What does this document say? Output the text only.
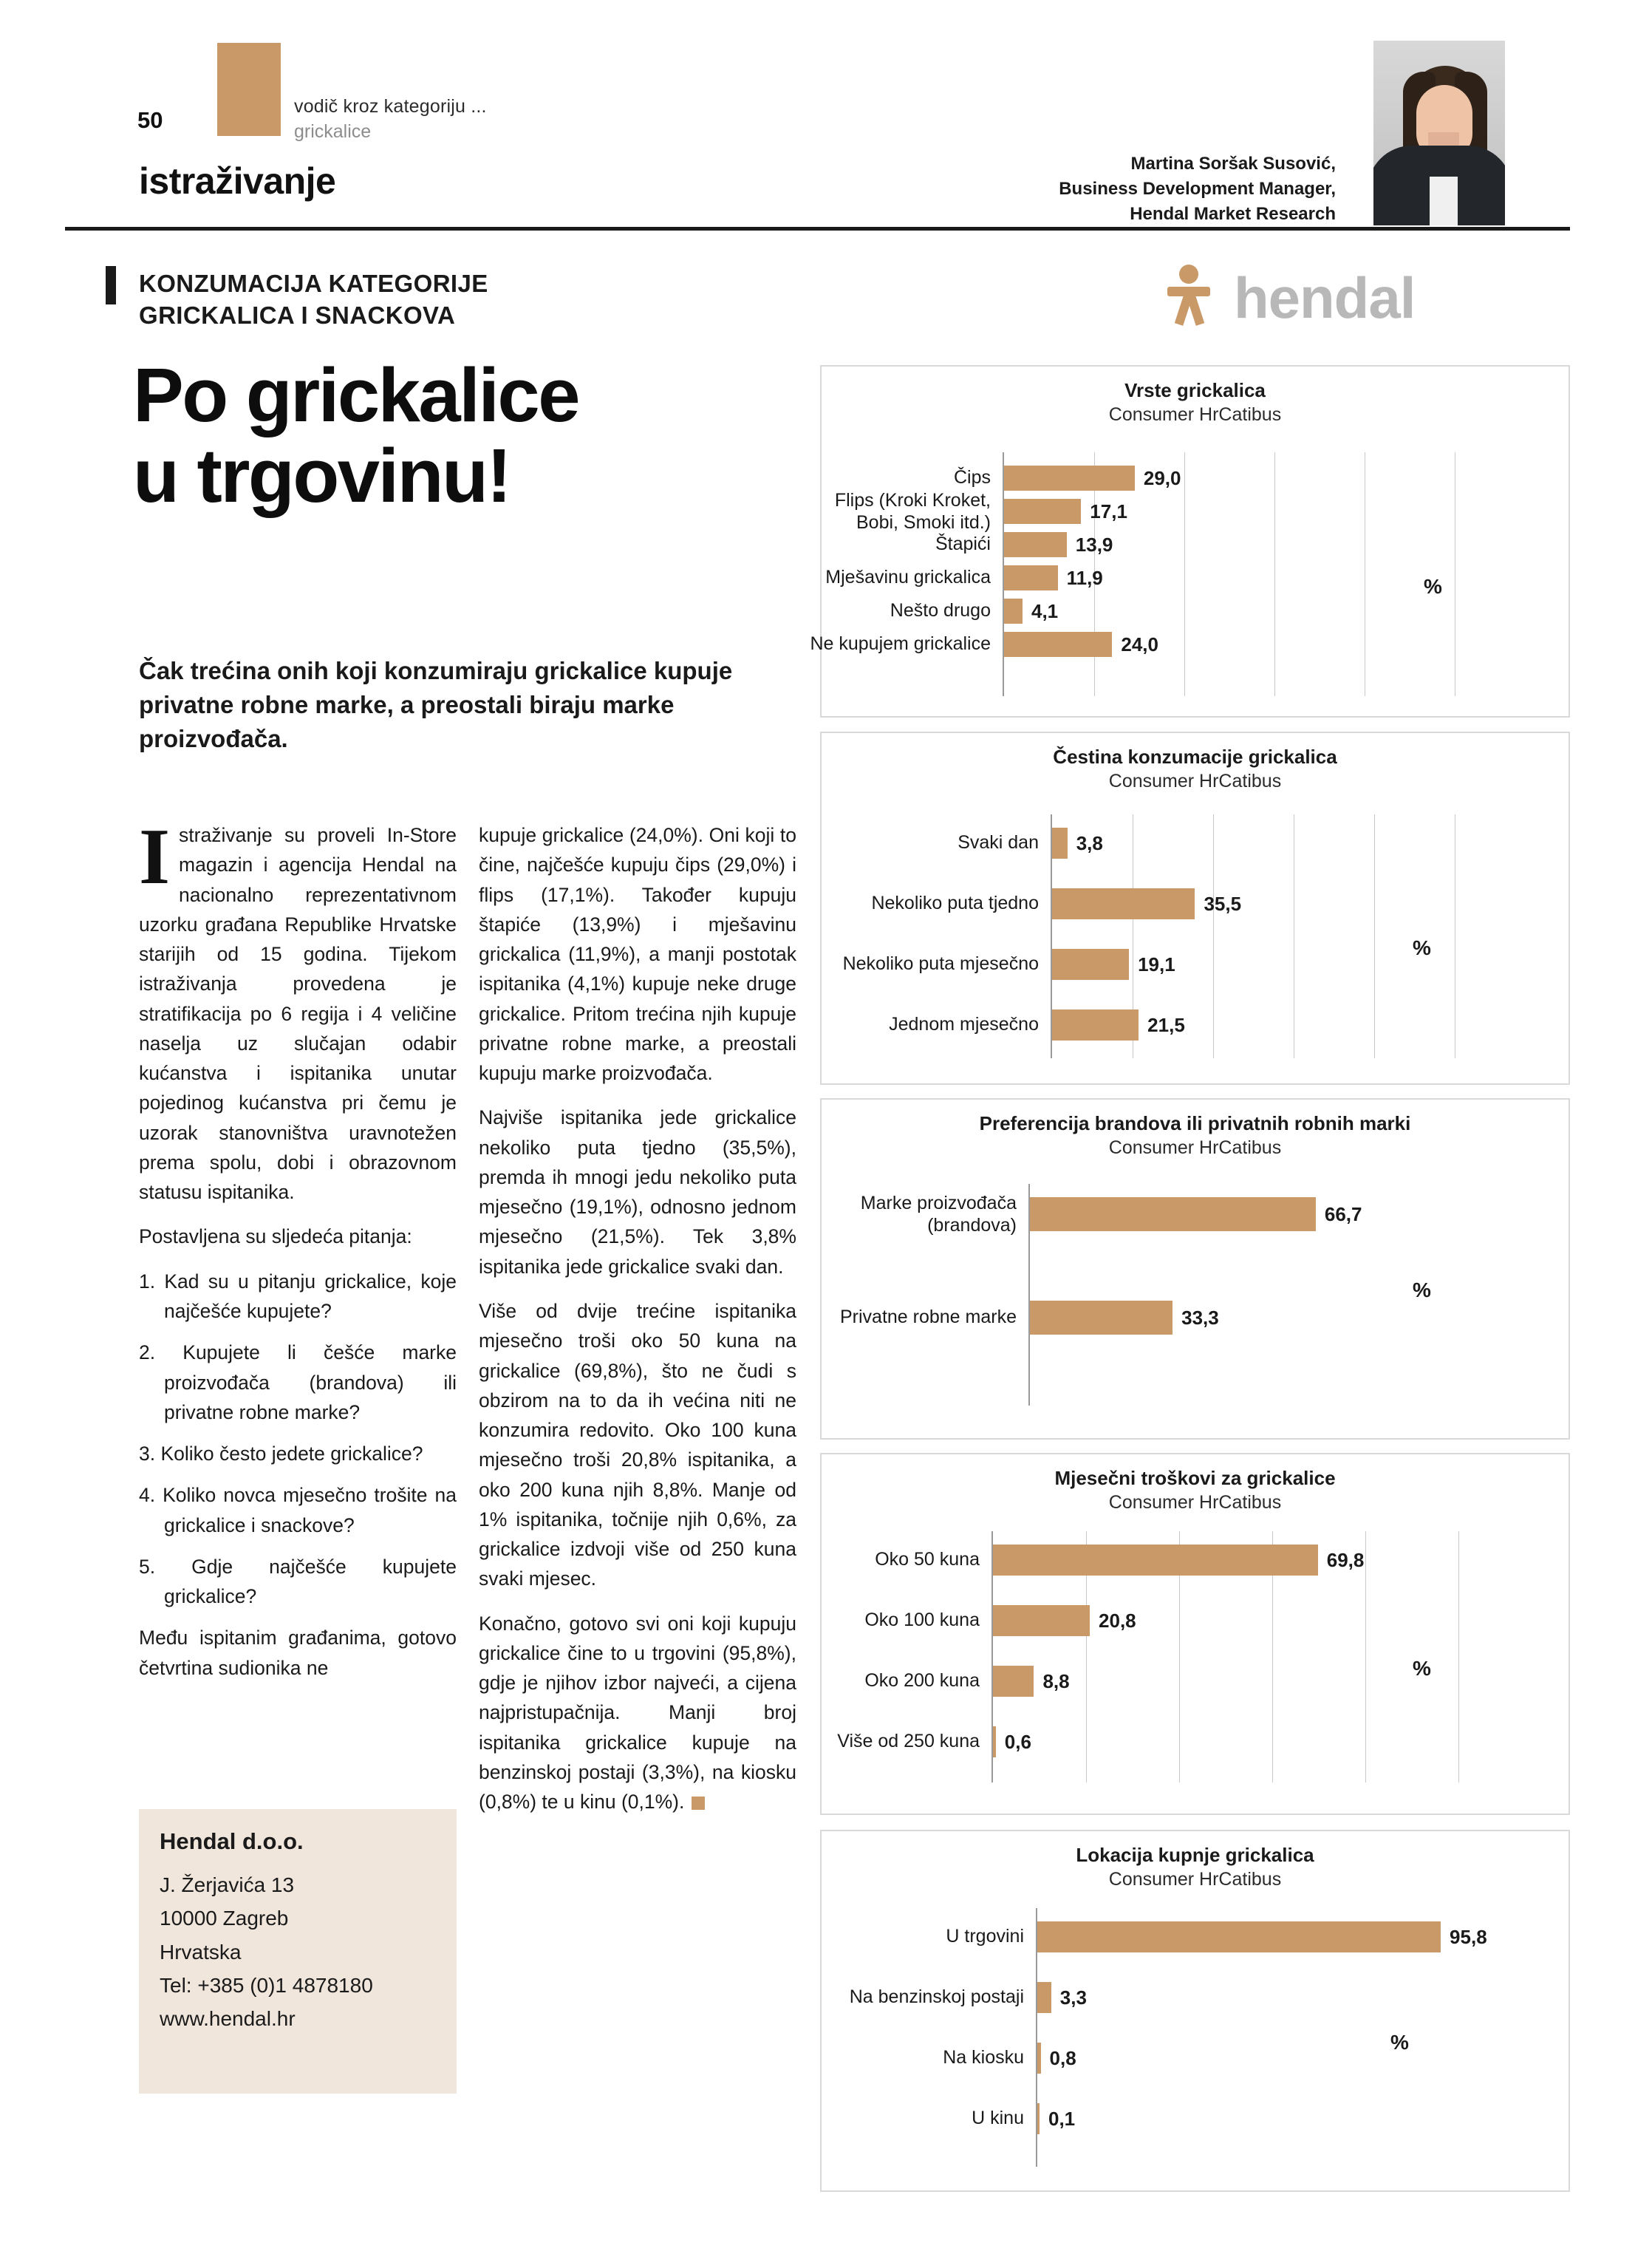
50
vodič kroz kategoriju ...
grickalice
istraživanje	Martina Soršak Susović,
Business Development Manager,
Hendal Market Research
KONZUMACIJA KATEGORIJE
GRICKALICA I SNACKOVA	hendal
Po grickalice
u trgovinu!
Čak trećina onih koji konzumiraju grickalice kupuje privatne robne marke, a preostali biraju marke proizvođača.

Istraživanje su proveli In-Store magazin i agencija Hendal na nacionalno reprezentativnom uzorku građana Republike Hrvatske starijih od 15 godina. Tijekom istraživanja provedena je stratifikacija po 6 regija i 4 veličine naselja uz slučajan odabir kućanstva i ispitanika unutar pojedinog kućanstva pri čemu je uzorak stanovništva uravnotežen prema spolu, dobi i obrazovnom statusu ispitanika.

Postavljena su sljedeća pitanja:

1. Kad su u pitanju grickalice, koje najčešće kupujete?

2. Kupujete li češće marke proizvođača (brandova) ili privatne robne marke?

3. Koliko često jedete grickalice?

4. Koliko novca mjesečno trošite na grickalice i snackove?

5. Gdje najčešće kupujete grickalice?

Među ispitanim građanima, gotovo četvrtina sudionika ne

Hendal d.o.o.
J. Žerjavića 13
10000 Zagreb
Hrvatska
Tel: +385 (0)1 4878180
www.hendal.hr

kupuje grickalice (24,0%). Oni koji to čine, najčešće kupuju čips (29,0%) i flips (17,1%). Također kupuju štapiće (13,9%) i mješavinu grickalica (11,9%), a manji postotak ispitanika (4,1%) kupuje neke druge grickalice. Pritom trećina njih kupuje privatne robne marke, a preostali kupuju marke proizvođača.

Najviše ispitanika jede grickalice nekoliko puta tjedno (35,5%), premda ih mnogi jedu nekoliko puta mjesečno (19,1%), odnosno jednom mjesečno (21,5%). Tek 3,8% ispitanika jede grickalice svaki dan.

Više od dvije trećine ispitanika mjesečno troši oko 50 kuna na grickalice (69,8%), što ne čudi s obzirom na to da ih većina niti ne konzumira redovito. Oko 100 kuna mjesečno troši 20,8% ispitanika, a oko 200 kuna njih 8,8%. Manje od 1% ispitanika, točnije njih 0,6%, za grickalice izdvoji više od 250 kuna svaki mjesec.

Konačno, gotovo svi oni koji kupuju grickalice čine to u trgovini (95,8%), gdje je njihov izbor najveći, a cijena najpristupačnija. Manji broj ispitanika grickalice kupuje na benzinskoj postaji (3,3%), na kiosku (0,8%) te u kinu (0,1%).

Vrste grickalica
Consumer HrCatibus
Čips	29,0
Flips (Kroki Kroket, Bobi, Smoki itd.)	17,1
Štapići	13,9
Mješavinu grickalica	11,9
Nešto drugo 4,1
Ne kupujem grickalice	24,0
%
Čestina konzumacije grickalica
Consumer HrCatibus
Svaki dan 3,8
Nekoliko puta tjedno	35,5
Nekoliko puta mjesečno	19,1
Jednom mjesečno	21,5
%
Preferencija brandova ili privatnih robnih marki
Consumer HrCatibus
Marke proizvođača (brandova)	66,7
Privatne robne marke	33,3
%
Mjesečni troškovi za grickalice
Consumer HrCatibus
Oko 50 kuna	69,8
Oko 100 kuna	20,8
Oko 200 kuna	8,8
Više od 250 kuna 0,6
%
Lokacija kupnje grickalica
Consumer HrCatibus
U trgovini	95,8
Na benzinskoj postaji 3,3
Na kiosku 0,8
U kinu 0,1
%
